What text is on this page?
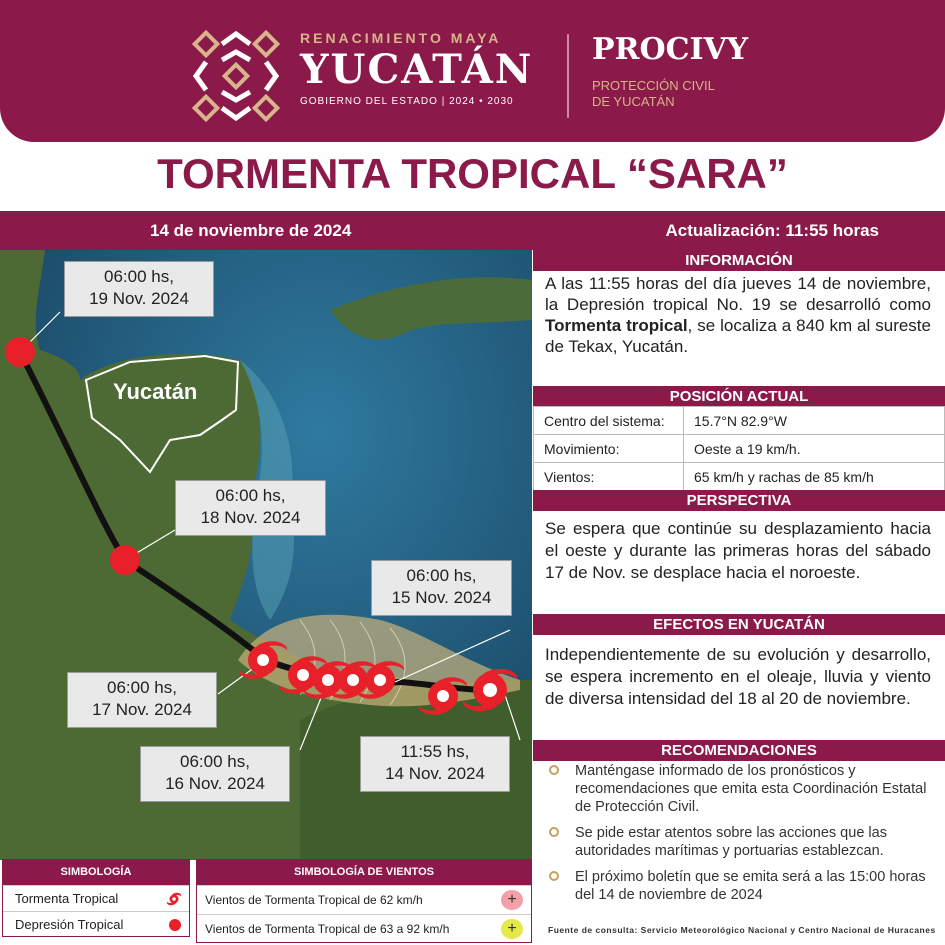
RENACIMIENTO MAYA
YUCATÁN
GOBIERNO DEL ESTADO | 2024 • 2030
PROCIVY
PROTECCIÓN CIVIL
DE YUCATÁN
TORMENTA TROPICAL “SARA”
14 de noviembre de 2024	Actualización: 11:55 horas
Yucatán
06:00 hs,
19 Nov. 2024
06:00 hs,
18 Nov. 2024
06:00 hs,
15 Nov. 2024
06:00 hs,
17 Nov. 2024
06:00 hs,
16 Nov. 2024
11:55 hs,
14 Nov. 2024
INFORMACIÓN
A las 11:55 horas del día jueves 14 de noviembre, la Depresión tropical No. 19 se desarrolló como Tormenta tropical, se localiza a 840 km al sureste de Tekax, Yucatán.
POSICIÓN ACTUAL
Centro del sistema:	15.7°N 82.9°W
Movimiento:	Oeste a 19 km/h.
Vientos:	65 km/h y rachas de 85 km/h
PERSPECTIVA
Se espera que continúe su desplazamiento hacia el oeste y durante las primeras horas del sábado 17 de Nov. se desplace hacia el noroeste.
EFECTOS EN YUCATÁN
Independientemente de su evolución y desarrollo, se espera incremento en el oleaje, lluvia y viento de diversa intensidad del 18 al 20 de noviembre.
RECOMENDACIONES
Manténgase informado de los pronósticos y recomendaciones que emita esta Coordinación Estatal de Protección Civil.
Se pide estar atentos sobre las acciones que las autoridades marítimas y portuarias establezcan.
El próximo boletín que se emita será a las 15:00 horas del 14 de noviembre de 2024
Fuente de consulta: Servicio Meteorológico Nacional y Centro Nacional de Huracanes
SIMBOLOGÍA
Tormenta Tropical
Depresión Tropical
SIMBOLOGÍA DE VIENTOS
Vientos de Tormenta Tropical de 62 km/h	+
Vientos de Tormenta Tropical de 63 a 92 km/h	+
